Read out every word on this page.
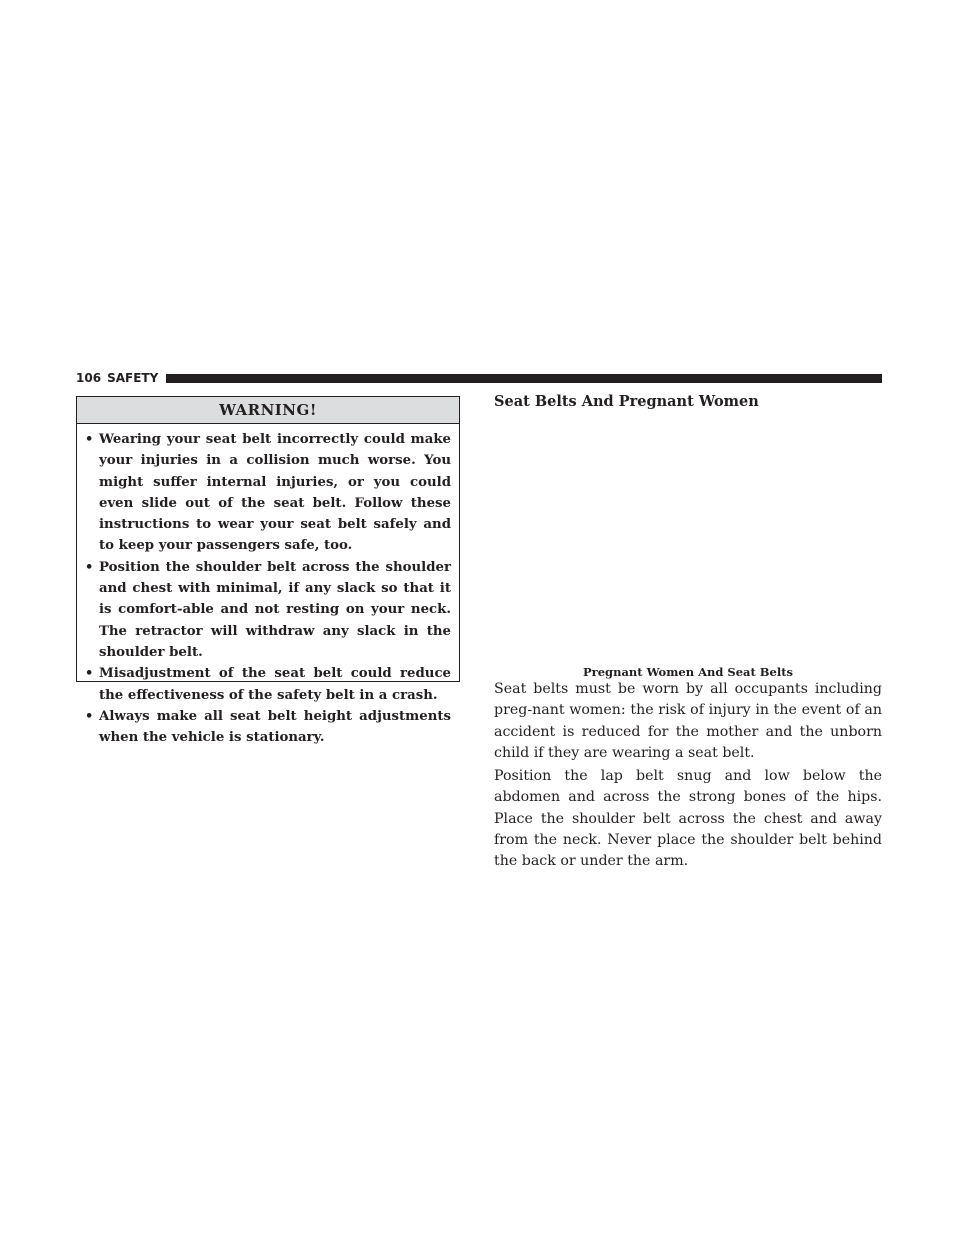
106 SAFETY
WARNING!
• Wearing your seat belt incorrectly could make your injuries in a collision much worse. You might suffer internal injuries, or you could even slide out of the seat belt. Follow these instructions to wear your seat belt safely and to keep your passengers safe, too.
• Position the shoulder belt across the shoulder and chest with minimal, if any slack so that it is comfort-able and not resting on your neck. The retractor will withdraw any slack in the shoulder belt.
• Misadjustment of the seat belt could reduce the effectiveness of the safety belt in a crash.
• Always make all seat belt height adjustments when the vehicle is stationary.
Seat Belts And Pregnant Women
Pregnant Women And Seat Belts

Seat belts must be worn by all occupants including preg-nant women: the risk of injury in the event of an accident is reduced for the mother and the unborn child if they are wearing a seat belt.

Position the lap belt snug and low below the abdomen and across the strong bones of the hips. Place the shoulder belt across the chest and away from the neck. Never place the shoulder belt behind the back or under the arm.
